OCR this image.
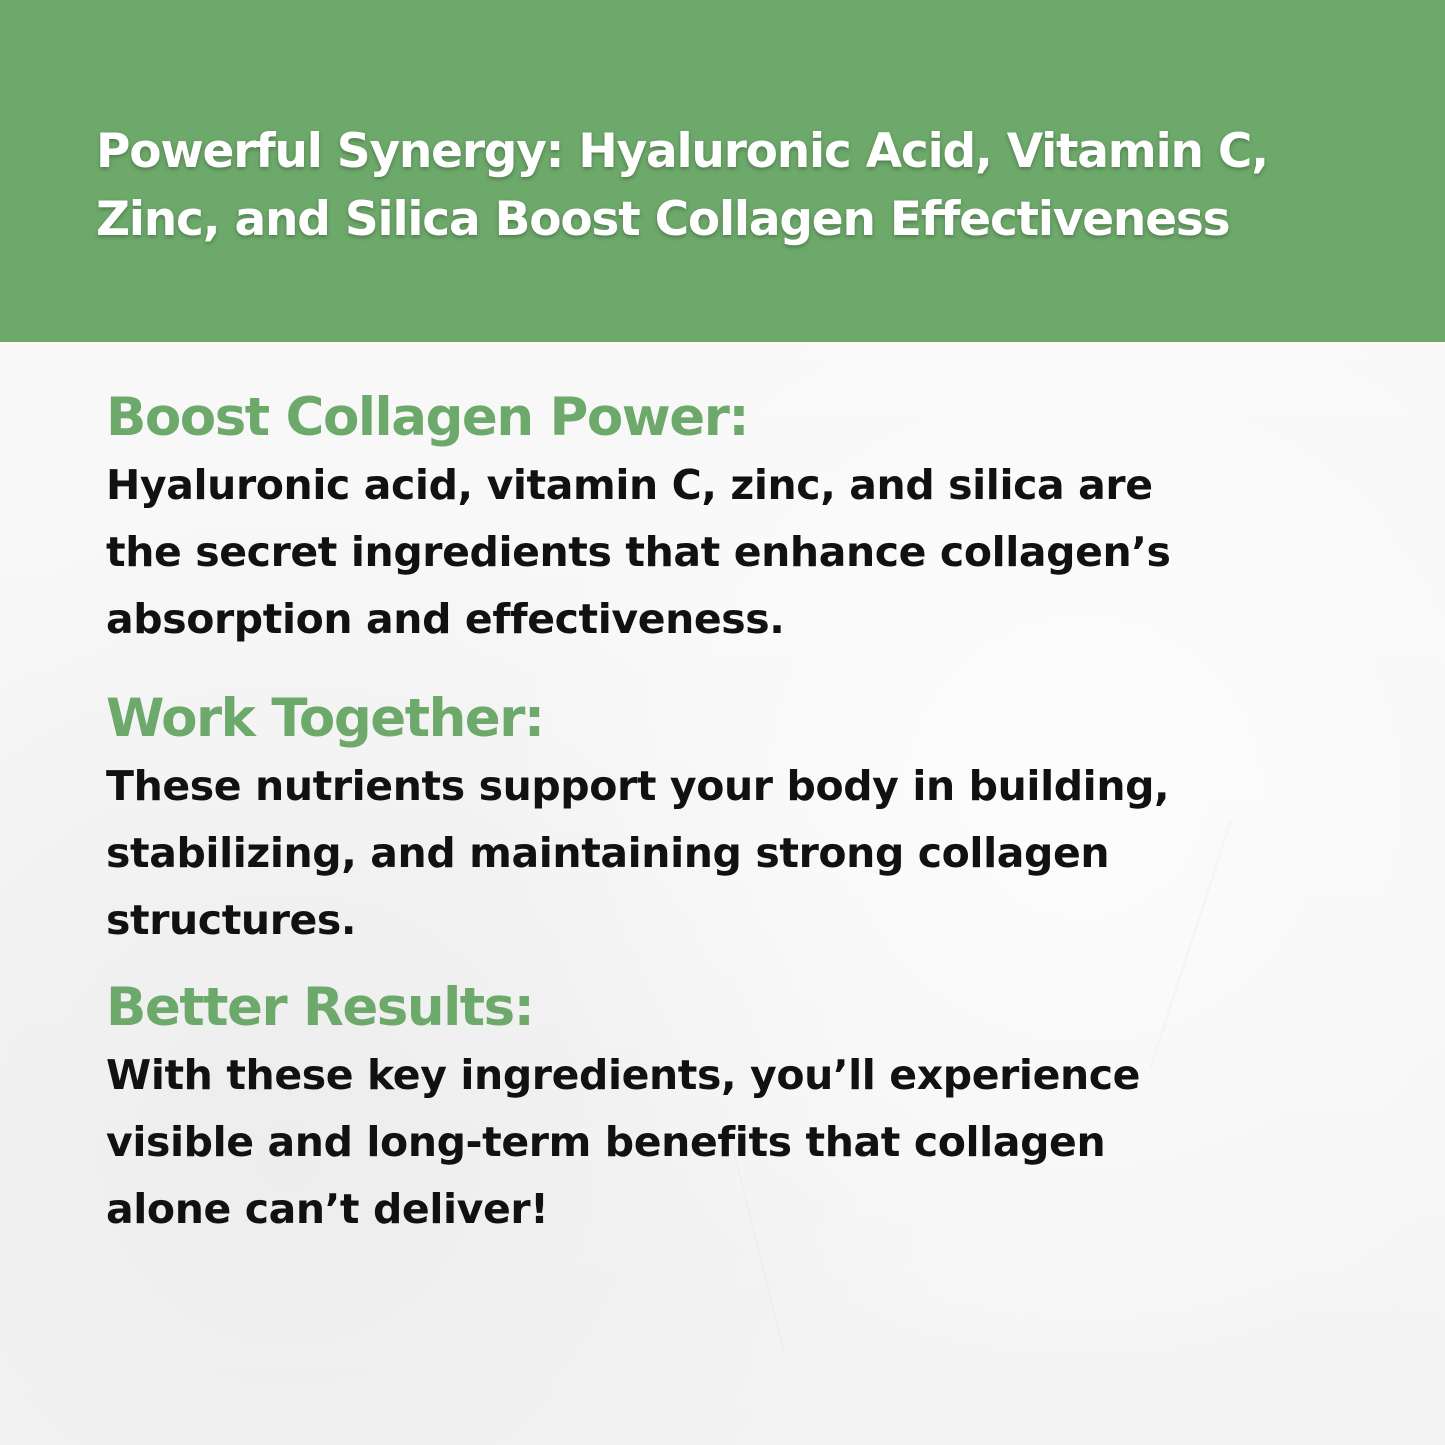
Powerful Synergy: Hyaluronic Acid, Vitamin C, Zinc, and Silica Boost Collagen Effectiveness
Boost Collagen Power:

Hyaluronic acid, vitamin C, zinc, and silica are the secret ingredients that enhance collagen’s absorption and effectiveness.

Work Together:

These nutrients support your body in building, stabilizing, and maintaining strong collagen structures.

Better Results:

With these key ingredients, you’ll experience visible and long-term benefits that collagen alone can’t deliver!
